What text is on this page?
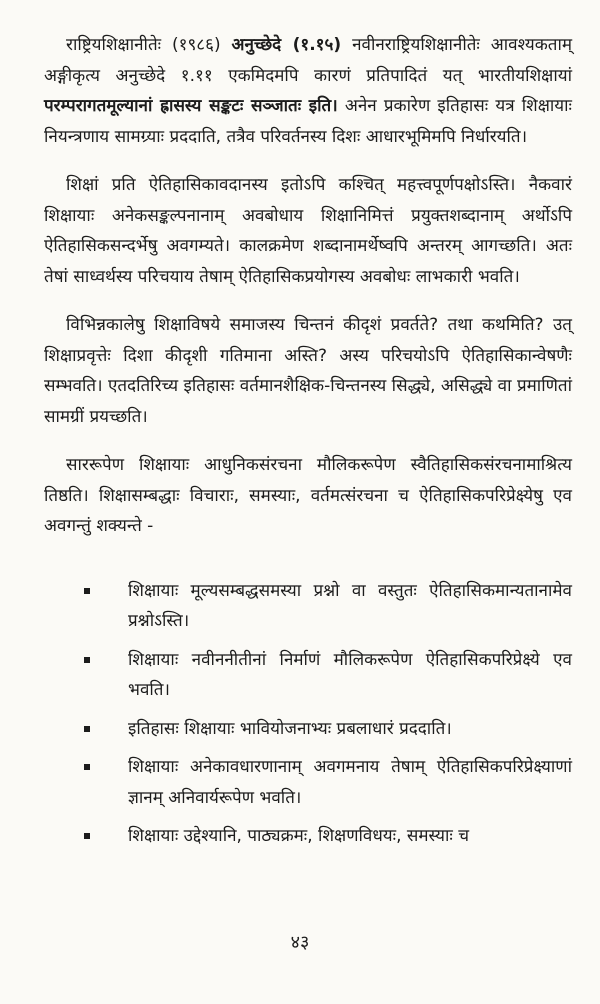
राष्ट्रियशिक्षानीतेः (१९८६) अनुच्छेदे (१.१५) नवीनराष्ट्रियशिक्षानीतेः आवश्यकताम् अङ्गीकृत्य अनुच्छेदे १.११ एकमिदमपि कारणं प्रतिपादितं यत् भारतीयशिक्षायां परम्परागतमूल्यानां ह्रासस्य सङ्कटः सञ्जातः इति। अनेन प्रकारेण इतिहासः यत्र शिक्षायाः नियन्त्रणाय सामग्र्याः प्रददाति, तत्रैव परिवर्तनस्य दिशः आधारभूमिमपि निर्धारयति।

शिक्षां प्रति ऐतिहासिकावदानस्य इतोऽपि कश्चित् महत्त्वपूर्णपक्षोऽस्ति। नैकवारं शिक्षायाः अनेकसङ्कल्पनानाम् अवबोधाय शिक्षानिमित्तं प्रयुक्तशब्दानाम् अर्थोऽपि ऐतिहासिकसन्दर्भेषु अवगम्यते। कालक्रमेण शब्दानामर्थेष्वपि अन्तरम् आगच्छति। अतः तेषां साध्वर्थस्य परिचयाय तेषाम् ऐतिहासिकप्रयोगस्य अवबोधः लाभकारी भवति।

विभिन्नकालेषु शिक्षाविषये समाजस्य चिन्तनं कीदृशं प्रवर्तते? तथा कथमिति? उत् शिक्षाप्रवृत्तेः दिशा कीदृशी गतिमाना अस्ति? अस्य परिचयोऽपि ऐतिहासिकान्वेषणैः सम्भवति। एतदतिरिच्य इतिहासः वर्तमानशैक्षिक-चिन्तनस्य सिद्ध्ये, असिद्ध्ये वा प्रमाणितां सामग्रीं प्रयच्छति।

साररूपेण शिक्षायाः आधुनिकसंरचना मौलिकरूपेण स्वैतिहासिकसंरचनामाश्रित्य तिष्ठति। शिक्षासम्बद्धाः विचाराः, समस्याः, वर्तमत्संरचना च ऐतिहासिकपरिप्रेक्ष्येषु एव अवगन्तुं शक्यन्ते -

शिक्षायाः मूल्यसम्बद्धसमस्या प्रश्नो वा वस्तुतः ऐतिहासिकमान्यतानामेव प्रश्नोऽस्ति।
शिक्षायाः नवीननीतीनां निर्माणं मौलिकरूपेण ऐतिहासिकपरिप्रेक्ष्ये एव भवति।
इतिहासः शिक्षायाः भावियोजनाभ्यः प्रबलाधारं प्रददाति।
शिक्षायाः अनेकावधारणानाम् अवगमनाय तेषाम् ऐतिहासिकपरिप्रेक्ष्याणां ज्ञानम् अनिवार्यरूपेण भवति।
शिक्षायाः उद्देश्यानि, पाठ्यक्रमः, शिक्षणविधयः, समस्याः च
४३
